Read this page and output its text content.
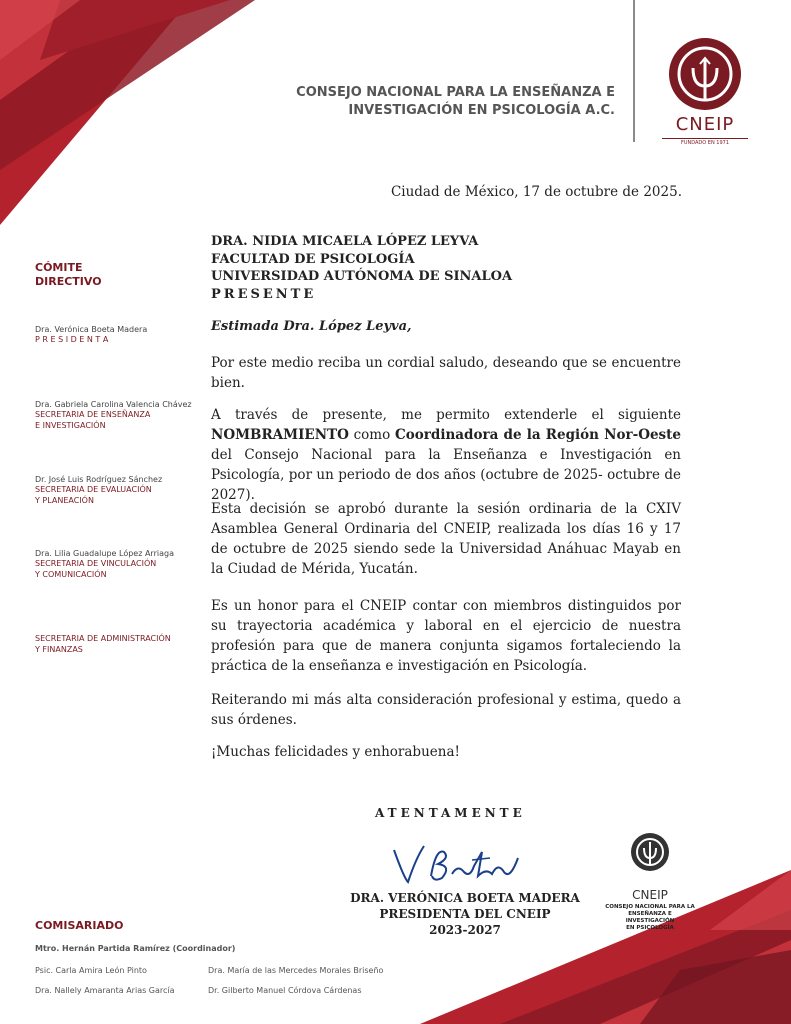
CONSEJO NACIONAL PARA LA ENSEÑANZA E
INVESTIGACIÓN EN PSICOLOGÍA A.C.
CNEIP
FUNDADO EN 1971
Ciudad de México, 17 de octubre de 2025.
DRA. NIDIA MICAELA LÓPEZ LEYVA
FACULTAD DE PSICOLOGÍA
UNIVERSIDAD AUTÓNOMA DE SINALOA
PRESENTE
Estimada Dra. López Leyva,

Por este medio reciba un cordial saludo, deseando que se encuentre bien.

A través de presente, me permito extenderle el siguiente NOMBRAMIENTO como Coordinadora de la Región Nor-Oeste del Consejo Nacional para la Enseñanza e Investigación en Psicología, por un periodo de dos años (octubre de 2025- octubre de 2027).

Esta decisión se aprobó durante la sesión ordinaria de la CXIV Asamblea General Ordinaria del CNEIP, realizada los días 16 y 17 de octubre de 2025 siendo sede la Universidad Anáhuac Mayab en la Ciudad de Mérida, Yucatán.

Es un honor para el CNEIP contar con miembros distinguidos por su trayectoria académica y laboral en el ejercicio de nuestra profesión para que de manera conjunta sigamos fortaleciendo la práctica de la enseñanza e investigación en Psicología.

Reiterando mi más alta consideración profesional y estima, quedo a sus órdenes.

¡Muchas felicidades y enhorabuena!

CÓMITE
DIRECTIVO
Dra. Verónica Boeta Madera
P R E S I D E N T A
Dra. Gabriela Carolina Valencia Chávez
SECRETARIA DE ENSEÑANZA
E INVESTIGACIÓN
Dr. José Luis Rodríguez Sánchez
SECRETARIA DE EVALUACIÓN
Y PLANEACIÓN
Dra. Lilia Guadalupe López Arriaga
SECRETARIA DE VINCULACIÓN
Y COMUNICACIÓN
SECRETARIA DE ADMINISTRACIÓN
Y FINANZAS
ATENTAMENTE
DRA. VERÓNICA BOETA MADERA
PRESIDENTA DEL CNEIP
2023-2027
CNEIP
CONSEJO NACIONAL PARA LA
ENSEÑANZA E INVESTIGACIÓN
EN PSICOLOGÍA
COMISARIADO
Mtro. Hernán Partida Ramírez (Coordinador)
Psic. Carla Amira León Pinto	Dra. María de las Mercedes Morales Briseño
Dra. Nallely Amaranta Arias García	Dr. Gilberto Manuel Córdova Cárdenas
